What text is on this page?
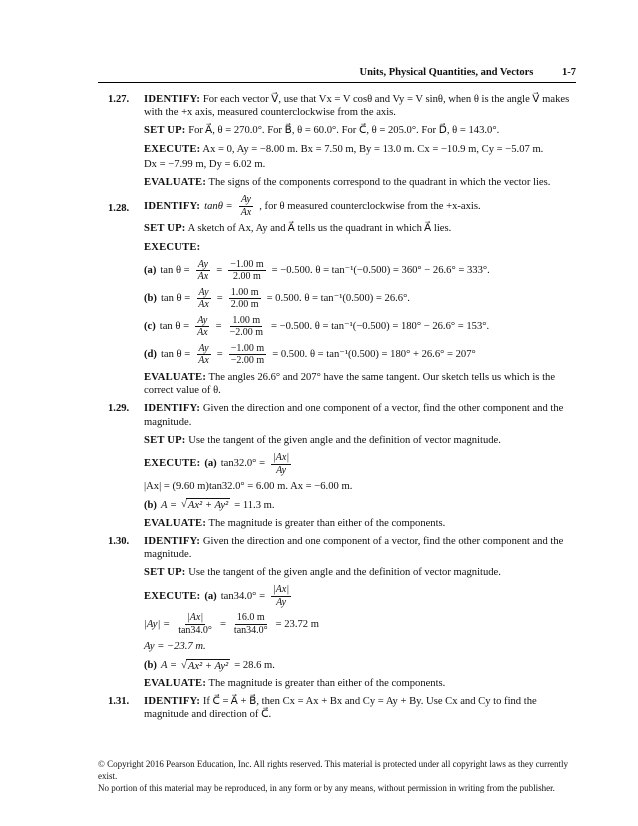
Units, Physical Quantities, and Vectors	1-7
1.27. IDENTIFY: For each vector V⃗, use that Vx = V cosθ and Vy = V sinθ, when θ is the angle V⃗ makes with the +x axis, measured counterclockwise from the axis.
SET UP: For A⃗, θ = 270.0°. For B⃗, θ = 60.0°. For C⃗, θ = 205.0°. For D⃗, θ = 143.0°.
EXECUTE: Ax = 0, Ay = −8.00 m. Bx = 7.50 m, By = 13.0 m. Cx = −10.9 m, Cy = −5.07 m.
Dx = −7.99 m, Dy = 6.02 m.
EVALUATE: The signs of the components correspond to the quadrant in which the vector lies.
1.28. IDENTIFY: $\tan\theta = \frac{Ay}{Ax}$ , for θ measured counterclockwise from the +x-axis.
SET UP: A sketch of Ax, Ay and A⃗ tells us the quadrant in which A⃗ lies.
EXECUTE:
(a) $\tan \theta = \frac{Ay}{Ax} = \frac{-1.00 m}{2.00 m} = -0.500$. θ = tan⁻¹(−0.500) = 360° − 26.6° = 333°.
(b) $\tan \theta = \frac{Ay}{Ax} = \frac{1.00 m}{2.00 m} = 0.500$. θ = tan⁻¹(0.500) = 26.6°.
(c) $\tan \theta = \frac{Ay}{Ax} = \frac{1.00 m}{-2.00 m} = -0.500$. θ = tan⁻¹(−0.500) = 180° − 26.6° = 153°.
(d) $\tan \theta = \frac{Ay}{Ax} = \frac{-1.00 m}{-2.00 m} = 0.500$. θ = tan⁻¹(0.500) = 180° + 26.6° = 207°
EVALUATE: The angles 26.6° and 207° have the same tangent. Our sketch tells us which is the correct value of θ.
1.29. IDENTIFY: Given the direction and one component of a vector, find the other component and the magnitude.
SET UP: Use the tangent of the given angle and the definition of vector magnitude.
EXECUTE: (a) $\tan 32.0^\circ = \frac{|Ax|}{Ay}$
|Ax| = (9.60 m)tan32.0° = 6.00 m. Ax = −6.00 m.
(b) A = √ Ax² + Ay² = 11.3 m.
EVALUATE: The magnitude is greater than either of the components.
1.30. IDENTIFY: Given the direction and one component of a vector, find the other component and the magnitude.
SET UP: Use the tangent of the given angle and the definition of vector magnitude.
EXECUTE: (a) $\tan 34.0^\circ = \frac{|Ax|}{Ay}$
$|Ay| = \frac{|Ax|}{\tan 34.0^\circ} = \frac{16.0 m}{\tan 34.0^\circ} = 23.72$ m
Ay = −23.7 m.
(b) A = √ Ax² + Ay² = 28.6 m.
EVALUATE: The magnitude is greater than either of the components.
1.31. IDENTIFY: If C⃗ = A⃗ + B⃗, then Cx = Ax + Bx and Cy = Ay + By. Use Cx and Cy to find the magnitude and direction of C⃗.
© Copyright 2016 Pearson Education, Inc. All rights reserved. This material is protected under all copyright laws as they currently exist.
No portion of this material may be reproduced, in any form or by any means, without permission in writing from the publisher.
